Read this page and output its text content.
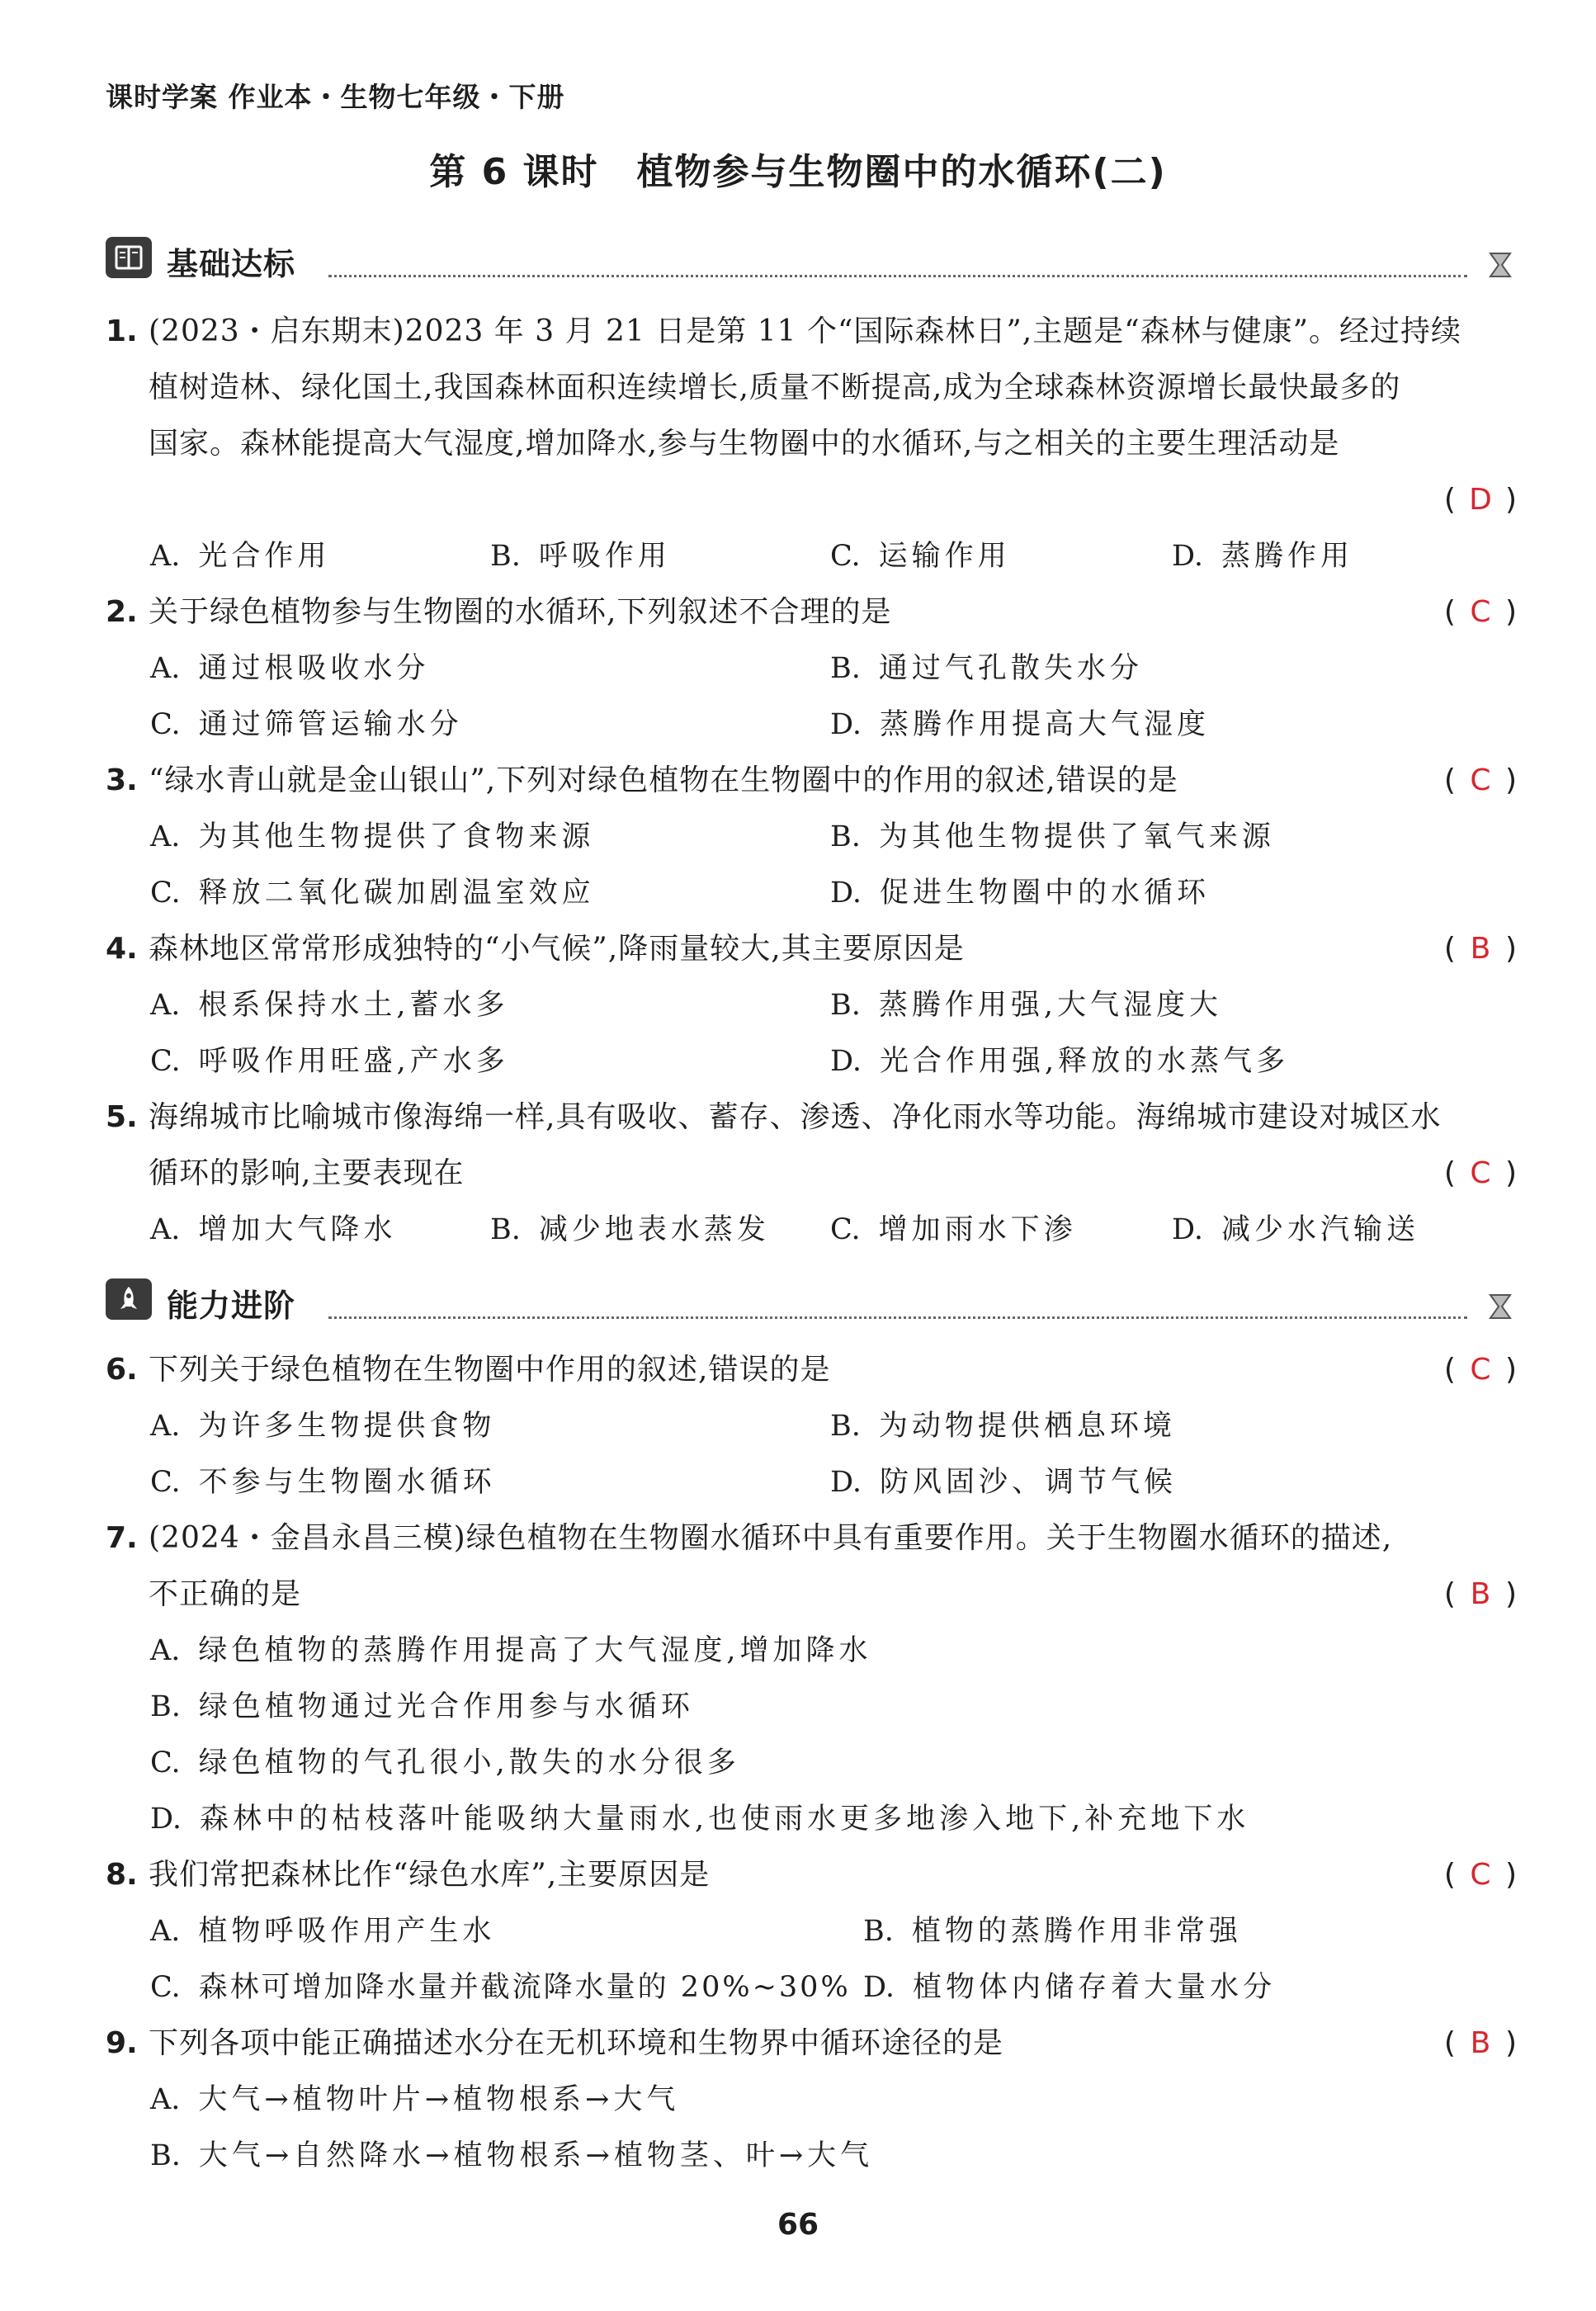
课时学案 作业本・生物七年级・下册
第 6 课时　植物参与生物圈中的水循环(二)
基础达标
1. (2023・启东期末)2023 年 3 月 21 日是第 11 个“国际森林日”,主题是“森林与健康”。经过持续
植树造林、绿化国土,我国森林面积连续增长,质量不断提高,成为全球森林资源增长最快最多的
国家。森林能提高大气湿度,增加降水,参与生物圈中的水循环,与之相关的主要生理活动是
( D )
A. 光合作用	B. 呼吸作用	C. 运输作用	D. 蒸腾作用
2. 关于绿色植物参与生物圈的水循环,下列叙述不合理的是	( C )
A. 通过根吸收水分	B. 通过气孔散失水分
C. 通过筛管运输水分	D. 蒸腾作用提高大气湿度
3. “绿水青山就是金山银山”,下列对绿色植物在生物圈中的作用的叙述,错误的是	( C )
A. 为其他生物提供了食物来源	B. 为其他生物提供了氧气来源
C. 释放二氧化碳加剧温室效应	D. 促进生物圈中的水循环
4. 森林地区常常形成独特的“小气候”,降雨量较大,其主要原因是	( B )
A. 根系保持水土,蓄水多	B. 蒸腾作用强,大气湿度大
C. 呼吸作用旺盛,产水多	D. 光合作用强,释放的水蒸气多
5. 海绵城市比喻城市像海绵一样,具有吸收、蓄存、渗透、净化雨水等功能。海绵城市建设对城区水
循环的影响,主要表现在	( C )
A. 增加大气降水	B. 减少地表水蒸发 C. 增加雨水下渗	D. 减少水汽输送
能力进阶
6. 下列关于绿色植物在生物圈中作用的叙述,错误的是	( C )
A. 为许多生物提供食物	B. 为动物提供栖息环境
C. 不参与生物圈水循环	D. 防风固沙、调节气候
7. (2024・金昌永昌三模)绿色植物在生物圈水循环中具有重要作用。关于生物圈水循环的描述,
不正确的是	( B )
A. 绿色植物的蒸腾作用提高了大气湿度,增加降水
B. 绿色植物通过光合作用参与水循环
C. 绿色植物的气孔很小,散失的水分很多
D. 森林中的枯枝落叶能吸纳大量雨水,也使雨水更多地渗入地下,补充地下水
8. 我们常把森林比作“绿色水库”,主要原因是	( C )
A. 植物呼吸作用产生水	B. 植物的蒸腾作用非常强
C. 森林可增加降水量并截流降水量的 20%~30% D. 植物体内储存着大量水分
9. 下列各项中能正确描述水分在无机环境和生物界中循环途径的是	( B )
A. 大气→植物叶片→植物根系→大气
B. 大气→自然降水→植物根系→植物茎、叶→大气
66
